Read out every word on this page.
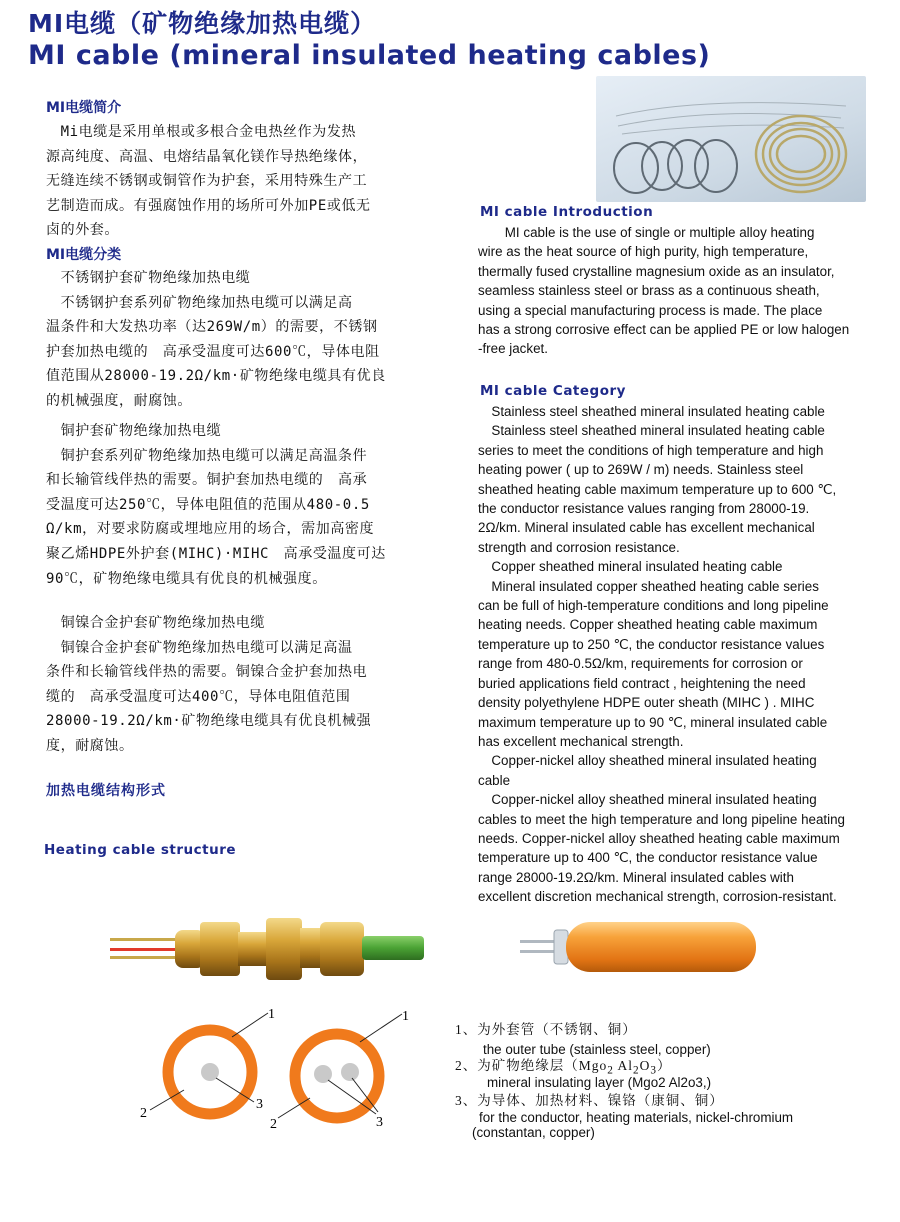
MI电缆（矿物绝缘加热电缆）
MI cable (mineral insulated heating cables)
MI电缆简介

　Mi电缆是采用单根或多根合金电热丝作为发热

源高纯度、高温、电熔结晶氧化镁作导热绝缘体，

无缝连续不锈钢或铜管作为护套，采用特殊生产工

艺制造而成。有强腐蚀作用的场所可外加PE或低无

卤的外套。

MI电缆分类

　不锈钢护套矿物绝缘加热电缆

　不锈钢护套系列矿物绝缘加热电缆可以满足高

温条件和大发热功率（达269W/m）的需要，不锈钢

护套加热电缆的　高承受温度可达600℃，导体电阻

值范围从28000-19.2Ω/km·矿物绝缘电缆具有优良

的机械强度，耐腐蚀。

　铜护套矿物绝缘加热电缆

　铜护套系列矿物绝缘加热电缆可以满足高温条件

和长输管线伴热的需要。铜护套加热电缆的　高承

受温度可达250℃，导体电阻值的范围从480-0.5

Ω/km，对要求防腐或埋地应用的场合，需加高密度

聚乙烯HDPE外护套(MIHC)·MIHC　高承受温度可达

90℃，矿物绝缘电缆具有优良的机械强度。

　铜镍合金护套矿物绝缘加热电缆

　铜镍合金护套矿物绝缘加热电缆可以满足高温

条件和长输管线伴热的需要。铜镍合金护套加热电

缆的　高承受温度可达400℃，导体电阻值范围

28000-19.2Ω/km·矿物绝缘电缆具有优良机械强

度，耐腐蚀。

加热电缆结构形式
Heating cable structure
MI cable Introduction

　　MI cable is the use of single or multiple alloy heating

wire as the heat source of high purity, high temperature,

thermally fused crystalline magnesium oxide as an insulator,

seamless stainless steel or brass as a continuous sheath,

using a special manufacturing process is made. The place

has a strong corrosive effect can be applied PE or low halogen

-free jacket.

MI cable Category

　Stainless steel sheathed mineral insulated heating cable

　Stainless steel sheathed mineral insulated heating cable

series to meet the conditions of high temperature and high

heating power ( up to 269W / m) needs. Stainless steel

sheathed heating cable maximum temperature up to 600 ℃,

the conductor resistance values ranging from 28000-19.

2Ω/km. Mineral insulated cable has excellent mechanical

strength and corrosion resistance.

　Copper sheathed mineral insulated heating cable

　Mineral insulated copper sheathed heating cable series

can be full of high-temperature conditions and long pipeline

heating needs. Copper sheathed heating cable maximum

temperature up to 250 ℃, the conductor resistance values

range from 480-0.5Ω/km, requirements for corrosion or

buried applications field contract , heightening the need

density polyethylene HDPE outer sheath (MIHC ) . MIHC

maximum temperature up to 90 ℃, mineral insulated cable

has excellent mechanical strength.

　Copper-nickel alloy sheathed mineral insulated heating

cable

　Copper-nickel alloy sheathed mineral insulated heating

cables to meet the high temperature and long pipeline heating

needs. Copper-nickel alloy sheathed heating cable maximum

temperature up to 400 ℃, the conductor resistance value

range 28000-19.2Ω/km. Mineral insulated cables with

excellent discretion mechanical strength, corrosion-resistant.

1
2
3
1
2	3
1、为外套管（不锈钢、铜）
the outer tube (stainless steel, copper)
2、为矿物绝缘层（Mgo$_2$ $Al_2O_3$）
mineral insulating layer (Mgo2 Al2o3,)
3、为导体、加热材料、镍铬（康铜、铜）
for the conductor, heating materials, nickel-chromium
(constantan, copper)
